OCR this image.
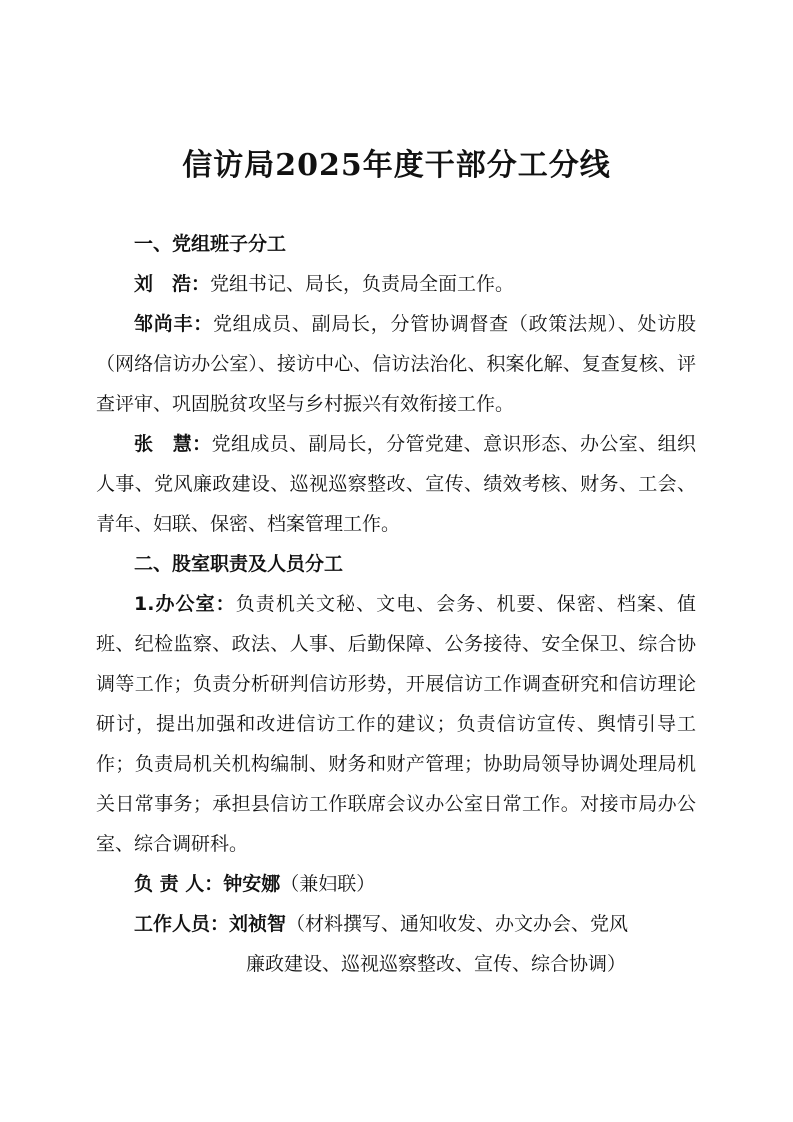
信访局2025年度干部分工分线

一、党组班子分工

刘　浩：党组书记、局长，负责局全面工作。

邹尚丰：党组成员、副局长，分管协调督查（政策法规）、处访股（网络信访办公室）、接访中心、信访法治化、积案化解、复查复核、评查评审、巩固脱贫攻坚与乡村振兴有效衔接工作。

张　慧：党组成员、副局长，分管党建、意识形态、办公室、组织人事、党风廉政建设、巡视巡察整改、宣传、绩效考核、财务、工会、青年、妇联、保密、档案管理工作。

二、股室职责及人员分工

1.办公室：负责机关文秘、文电、会务、机要、保密、档案、值班、纪检监察、政法、人事、后勤保障、公务接待、安全保卫、综合协调等工作；负责分析研判信访形势，开展信访工作调查研究和信访理论研讨，提出加强和改进信访工作的建议；负责信访宣传、舆情引导工作；负责局机关机构编制、财务和财产管理；协助局领导协调处理局机关日常事务；承担县信访工作联席会议办公室日常工作。对接市局办公室、综合调研科。

负 责 人：钟安娜（兼妇联）

工作人员：刘祯智（材料撰写、通知收发、办文办会、党风

廉政建设、巡视巡察整改、宣传、综合协调）
